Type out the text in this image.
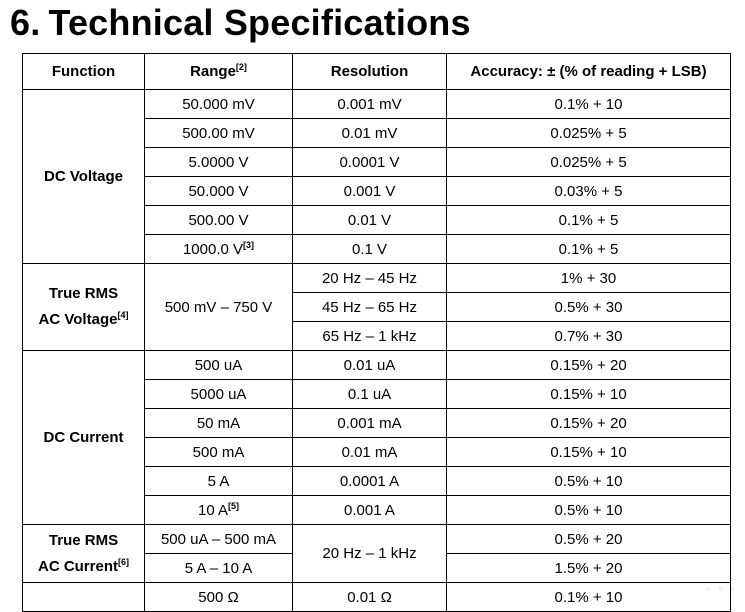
6. Technical Specifications
Function	Range[2]	Resolution	Accuracy: ± (% of reading + LSB)
DC Voltage	50.000 mV	0.001 mV	0.1% + 10
	500.00 mV	0.01 mV	0.025% + 5
	5.0000 V	0.0001 V	0.025% + 5
	50.000 V	0.001 V	0.03% + 5
	500.00 V	0.01 V	0.1% + 5
	1000.0 V[3]	0.1 V	0.1% + 5
True RMS
AC Voltage[4]	500 mV – 750 V	20 Hz – 45 Hz	1% + 30
		45 Hz – 65 Hz	0.5% + 30
		65 Hz – 1 kHz	0.7% + 30
DC Current	500 uA	0.01 uA	0.15% + 20
	5000 uA	0.1 uA	0.15% + 10
	50 mA	0.001 mA	0.15% + 20
	500 mA	0.01 mA	0.15% + 10
	5 A	0.0001 A	0.5% + 10
	10 A[5]	0.001 A	0.5% + 10
True RMS
AC Current[6]	500 uA – 500 mA	20 Hz – 1 kHz	0.5% + 20
	5 A – 10 A		1.5% + 20
	500 Ω	0.01 Ω	0.1% + 10	◦ ◦ ◦
